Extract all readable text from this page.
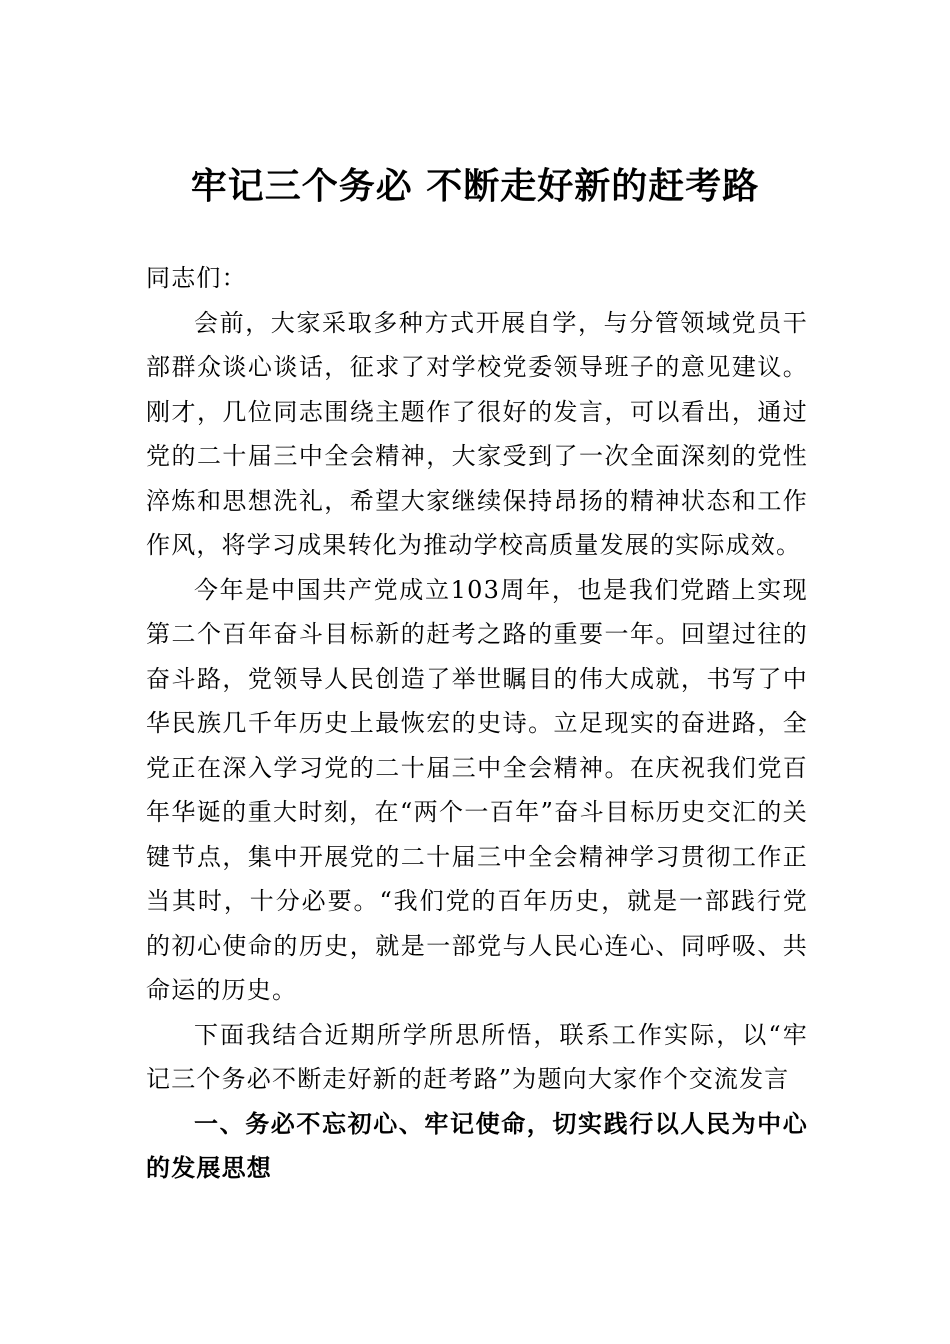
牢记三个务必 不断走好新的赶考路

同志们：

会前，大家采取多种方式开展自学，与分管领域党员干部群众谈心谈话，征求了对学校党委领导班子的意见建议。刚才，几位同志围绕主题作了很好的发言，可以看出，通过党的二十届三中全会精神，大家受到了一次全面深刻的党性淬炼和思想洗礼，希望大家继续保持昂扬的精神状态和工作作风，将学习成果转化为推动学校高质量发展的实际成效。

今年是中国共产党成立103周年，也是我们党踏上实现第二个百年奋斗目标新的赶考之路的重要一年。回望过往的奋斗路，党领导人民创造了举世瞩目的伟大成就，书写了中华民族几千年历史上最恢宏的史诗。立足现实的奋进路，全党正在深入学习党的二十届三中全会精神。在庆祝我们党百年华诞的重大时刻，在“两个一百年”奋斗目标历史交汇的关键节点，集中开展党的二十届三中全会精神学习贯彻工作正当其时，十分必要。“我们党的百年历史，就是一部践行党的初心使命的历史，就是一部党与人民心连心、同呼吸、共命运的历史。

下面我结合近期所学所思所悟，联系工作实际，以“牢记三个务必不断走好新的赶考路”为题向大家作个交流发言

一、务必不忘初心、牢记使命，切实践行以人民为中心的发展思想
